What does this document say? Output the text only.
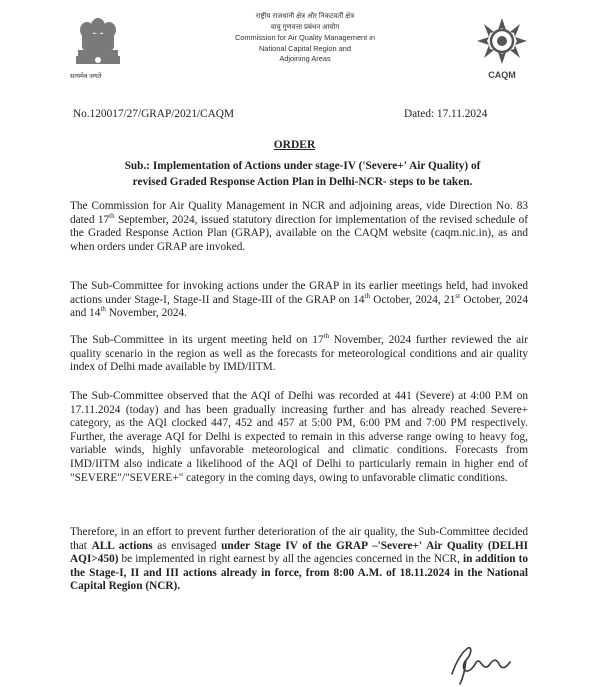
सत्यमेव जयते
राष्ट्रीय राजधानी क्षेत्र और निकटवर्ती क्षेत्र
वायु गुणवत्ता प्रबंधन आयोग
Commission for Air Quality Management in
National Capital Region and
Adjoining Areas
CAQM
No.120017/27/GRAP/2021/CAQM	Dated: 17.11.2024
ORDER
Sub.: Implementation of Actions under stage-IV ('Severe+' Air Quality) of
revised Graded Response Action Plan in Delhi-NCR- steps to be taken.
The Commission for Air Quality Management in NCR and adjoining areas, vide Direction No. 83 dated 17th September, 2024, issued statutory direction for implementation of the revised schedule of the Graded Response Action Plan (GRAP), available on the CAQM website (caqm.nic.in), as and when orders under GRAP are invoked.
The Sub-Committee for invoking actions under the GRAP in its earlier meetings held, had invoked actions under Stage-I, Stage-II and Stage-III of the GRAP on 14th October, 2024, 21st October, 2024 and 14th November, 2024.
The Sub-Committee in its urgent meeting held on 17th November, 2024 further reviewed the air quality scenario in the region as well as the forecasts for meteorological conditions and air quality index of Delhi made available by IMD/IITM.
The Sub-Committee observed that the AQI of Delhi was recorded at 441 (Severe) at 4:00 P.M on 17.11.2024 (today) and has been gradually increasing further and has already reached Severe+ category, as the AQI clocked 447, 452 and 457 at 5:00 PM, 6:00 PM and 7:00 PM respectively. Further, the average AQI for Delhi is expected to remain in this adverse range owing to heavy fog, variable winds, highly unfavorable meteorological and climatic conditions. Forecasts from IMD/IITM also indicate a likelihood of the AQI of Delhi to particularly remain in higher end of "SEVERE"/"SEVERE+" category in the coming days, owing to unfavorable climatic conditions.
Therefore, in an effort to prevent further deterioration of the air quality, the Sub-Committee decided that ALL actions as envisaged under Stage IV of the GRAP –'Severe+' Air Quality (DELHI AQI>450) be implemented in right earnest by all the agencies concerned in the NCR, in addition to the Stage-I, II and III actions already in force, from 8:00 A.M. of 18.11.2024 in the National Capital Region (NCR).
